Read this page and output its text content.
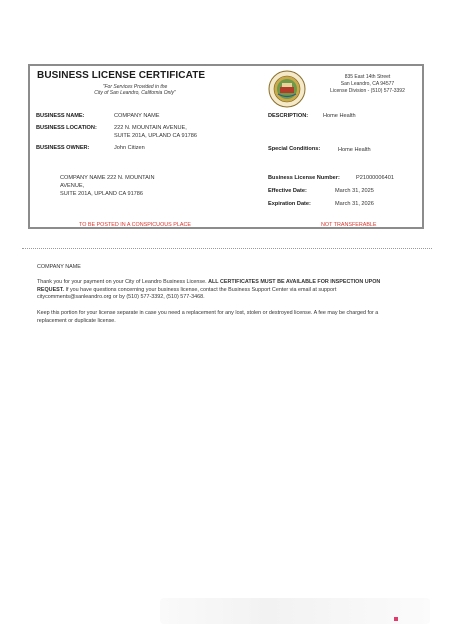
BUSINESS LICENSE CERTIFICATE
"For Services Provided in the
City of San Leandro, California Only"
835 East 14th Street
San Leandro, CA 94577
License Division - (510) 577-3392
BUSINESS NAME:	COMPANY NAME
BUSINESS LOCATION:	222 N. MOUNTAIN AVENUE,
SUITE 201A, UPLAND CA 91786
BUSINESS OWNER:	John Citizen
DESCRIPTION:	Home Health
Special Conditions:	Home Health
COMPANY NAME 222 N. MOUNTAIN
AVENUE,
SUITE 201A, UPLAND CA 91786
Business License Number:	P21000006401
Effective Date:	March 31, 2025
Expiration Date:	March 31, 2026
TO BE POSTED IN A CONSPICUOUS PLACE	NOT TRANSFERABLE
COMPANY NAME
Thank you for your payment on your City of Leandro Business License. ALL CERTIFICATES MUST BE AVAILABLE FOR INSPECTION UPON REQUEST. If you have questions concerning your business license, contact the Business Support Center via email at support citycomments@sanleandro.org or by (510) 577-3392, (510) 577-3468.
Keep this portion for your license separate in case you need a replacement for any lost, stolen or destroyed license. A fee may be charged for a replacement or duplicate license.
